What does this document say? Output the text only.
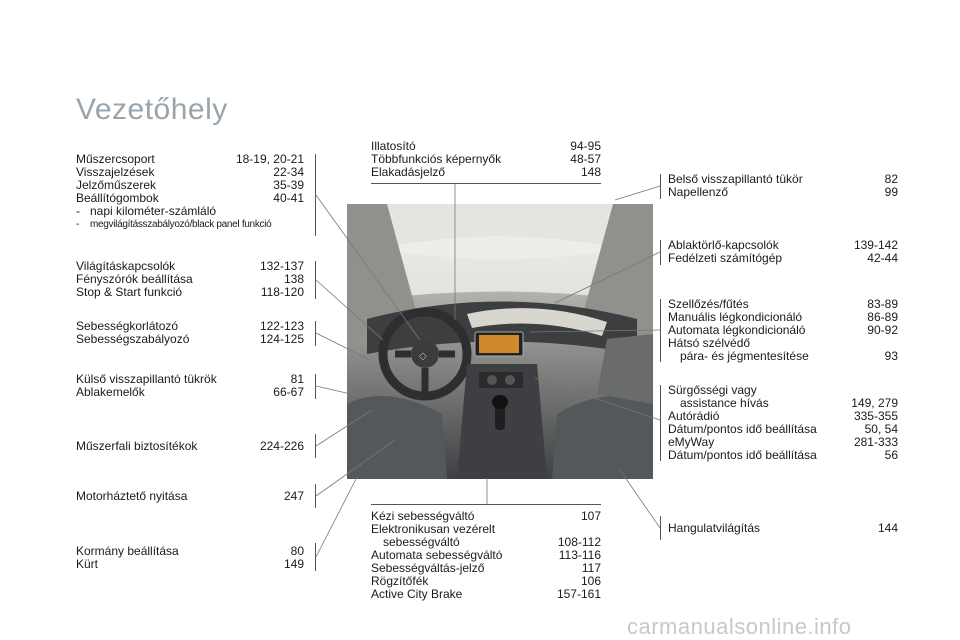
Vezetőhely
Műszercsoport	18-19, 20-21
Visszajelzések	22-34
Jelzőműszerek	35-39
Beállítógombok	40-41
- napi kilométer-számláló
- megvilágításszabályozó/black panel funkció
Világításkapcsolók	132-137
Fényszórók beállítása	138
Stop & Start funkció	118-120
Sebességkorlátozó	122-123
Sebességszabályozó	124-125
Külső visszapillantó tükrök	81
Ablakemelők	66-67
Műszerfali biztosítékok	224-226
Motorháztető nyitása	247
Kormány beállítása	80
Kürt	149
Illatosító	94-95
Többfunkciós képernyők	48-57
Elakadásjelző	148
Kézi sebességváltó	107
Elektronikusan vezérelt
sebességváltó	108-112
Automata sebességváltó	113-116
Sebességváltás-jelző	117
Rögzítőfék	106
Active City Brake	157-161
Belső visszapillantó tükör	82
Napellenző	99
Ablaktörlő-kapcsolók	139-142
Fedélzeti számítógép	42-44
Szellőzés/fűtés	83-89
Manuális légkondicionáló	86-89
Automata légkondicionáló	90-92
Hátsó szélvédő
pára- és jégmentesítése	93
Sürgősségi vagy
assistance hívás	149, 279
Autórádió	335-355
Dátum/pontos idő beállítása	50, 54
eMyWay	281-333
Dátum/pontos idő beállítása	56
Hangulatvilágítás	144
◇
carmanualsonline.info
